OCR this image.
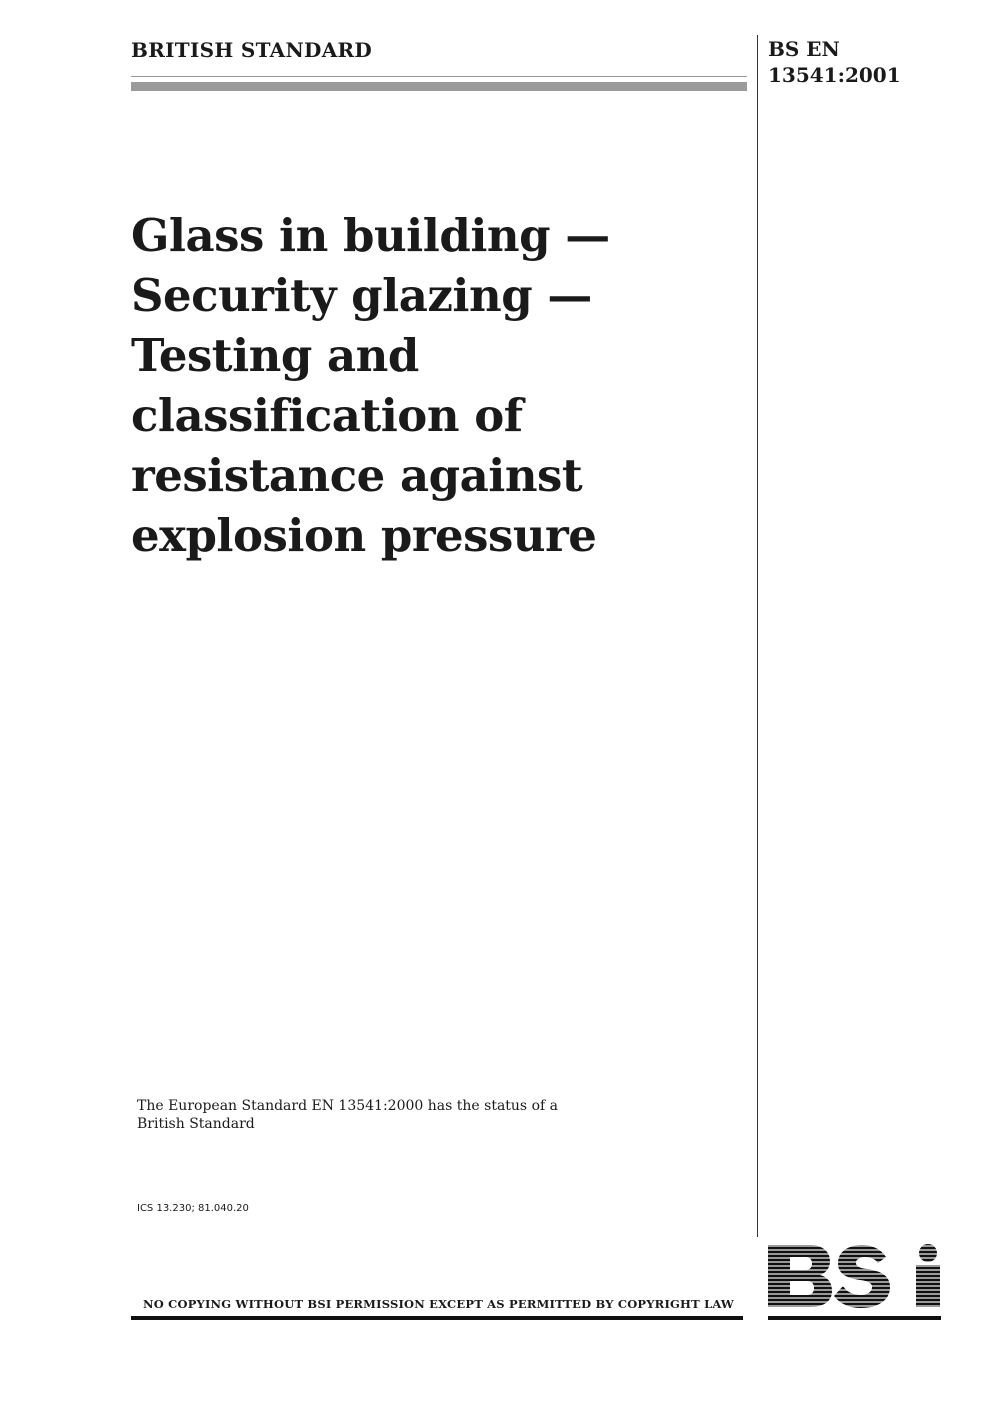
BRITISH STANDARD	BS EN
13541:2001
Glass in building —
Security glazing —
Testing and
classification of
resistance against
explosion pressure
The European Standard EN 13541:2000 has the status of a
British Standard
ICS 13.230; 81.040.20
NO COPYING WITHOUT BSI PERMISSION EXCEPT AS PERMITTED BY COPYRIGHT LAW
